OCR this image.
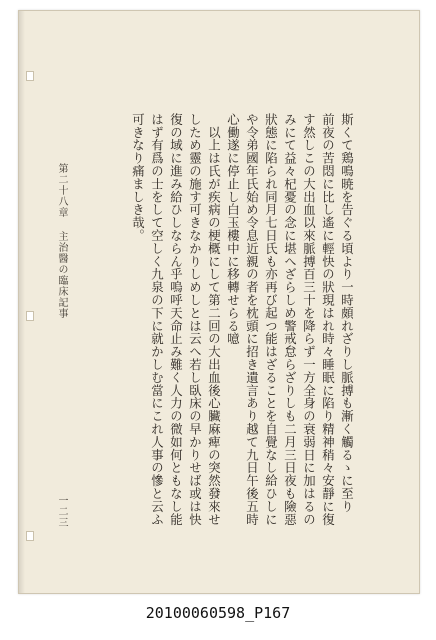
斯くて鶏鳴暁を告ぐる頃より一時頗れざりし脈搏も漸く觸るゝに至り
前夜の苦悶に比し遙に輕快の狀現はれ時々睡眠に陷り精神稍々安靜に復
す然しこの大出血以來脈搏百三十を降らず一方全身の衰弱日に加はるの
みにて益々杞憂の念に堪へざらしめ警戒怠らざりしも二月三日夜も險惡
狀態に陷られ同月七日氏も亦再び起つ能はざることを自覺なし給ひしに
や令弟國年氏始め令息近親の者を枕頭に招き遺言あり越て九日午後五時
心働遂に停止し白玉樓中に移轉せらる噫
　以上は氏が疾病の梗概にして第二回の大出血後心臟麻痺の突然發來せ
しため靈の施す可きなかりしめしとは云へ若し臥床の早かりせば或は快
復の域に進み給ひしならん乎嗚呼天命止み難く人力の微如何ともなし能
はず有爲の士をして空しく九泉の下に就かしむ當にこれ人事の慘と云ふ
可きなり痛ましき哉。
第二十八章
主治醫の臨床記事
一二三
20100060598_P167
